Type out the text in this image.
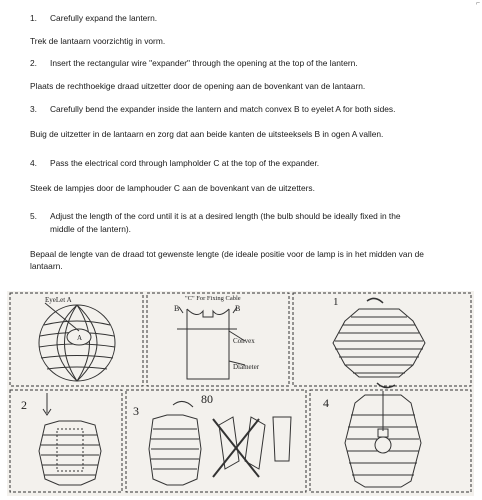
⌐

1. Carefully expand the lantern.

Trek de lantaarn voorzichtig in vorm.

2. Insert the rectangular wire "expander" through the opening at the top of the lantern.

Plaats de rechthoekige draad uitzetter door de opening aan de bovenkant van de lantaarn.

3. Carefully bend the expander inside the lantern and match convex B to eyelet A for both sides.

Buig de uitzetter in de lantaarn en zorg dat aan beide kanten de uitsteeksels B in ogen A vallen.

4. Pass the electrical cord through lampholder C at the top of the expander.

Steek de lampjes door de lamphouder C aan de bovenkant van de uitzetters.

5. Adjust the length of the cord until it is at a desired length (the bulb should be ideally fixed in the

middle of the lantern).

Bepaal de lengte van de draad tot gewenste lengte (de ideale positie voor de lamp is in het midden van de

lantaarn.

EyeLet A
A
"C" For Fixing Cable
B	B
Convex
Diameter
1
2	3
80	4
